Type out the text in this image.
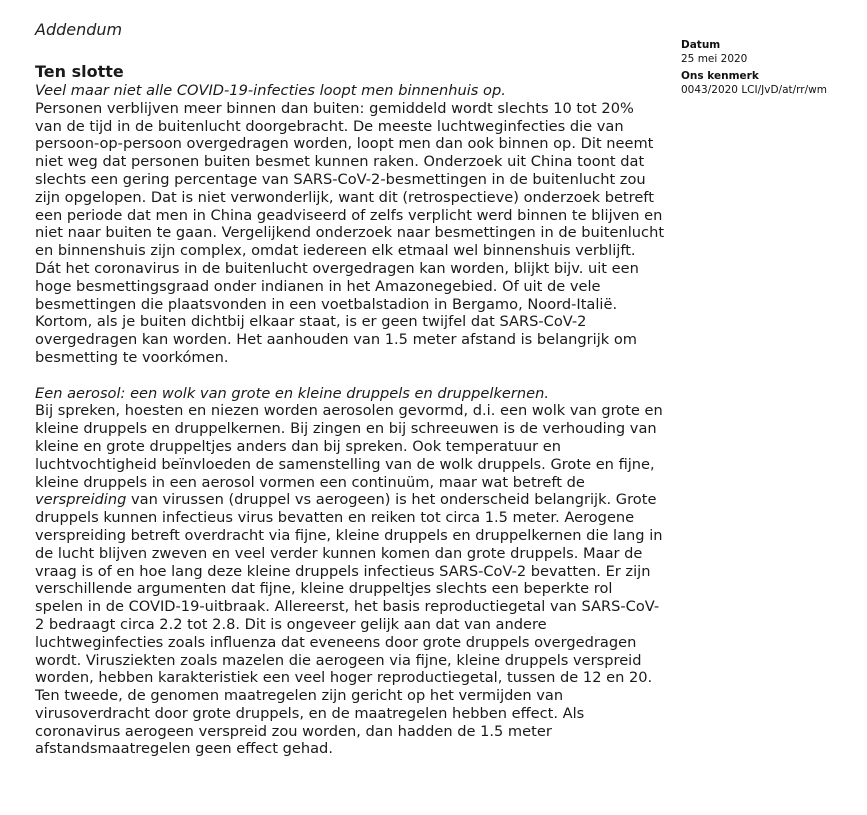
Addendum
Datum
25 mei 2020
Ons kenmerk
0043/2020 LCI/JvD/at/rr/wm
Ten slotte

Veel maar niet alle COVID-19-infecties loopt men binnenhuis op.

Personen verblijven meer binnen dan buiten: gemiddeld wordt slechts 10 tot 20% van de tijd in de buitenlucht doorgebracht. De meeste luchtweginfecties die van persoon-op-persoon overgedragen worden, loopt men dan ook binnen op. Dit neemt niet weg dat personen buiten besmet kunnen raken. Onderzoek uit China toont dat slechts een gering percentage van SARS-CoV-2-besmettingen in de buitenlucht zou zijn opgelopen. Dat is niet verwonderlijk, want dit (retrospectieve) onderzoek betreft een periode dat men in China geadviseerd of zelfs verplicht werd binnen te blijven en niet naar buiten te gaan. Vergelijkend onderzoek naar besmettingen in de buitenlucht en binnenshuis zijn complex, omdat iedereen elk etmaal wel binnenshuis verblijft. Dát het coronavirus in de buitenlucht overgedragen kan worden, blijkt bijv. uit een hoge besmettingsgraad onder indianen in het Amazonegebied. Of uit de vele besmettingen die plaatsvonden in een voetbalstadion in Bergamo, Noord-Italië. Kortom, als je buiten dichtbij elkaar staat, is er geen twijfel dat SARS-CoV-2 overgedragen kan worden. Het aanhouden van 1.5 meter afstand is belangrijk om besmetting te voorkómen.

Een aerosol: een wolk van grote en kleine druppels en druppelkernen.

Bij spreken, hoesten en niezen worden aerosolen gevormd, d.i. een wolk van grote en kleine druppels en druppelkernen. Bij zingen en bij schreeuwen is de verhouding van kleine en grote druppeltjes anders dan bij spreken. Ook temperatuur en luchtvochtigheid beïnvloeden de samenstelling van de wolk druppels. Grote en fijne, kleine druppels in een aerosol vormen een continuüm, maar wat betreft de verspreiding van virussen (druppel vs aerogeen) is het onderscheid belangrijk. Grote druppels kunnen infectieus virus bevatten en reiken tot circa 1.5 meter. Aerogene verspreiding betreft overdracht via fijne, kleine druppels en druppelkernen die lang in de lucht blijven zweven en veel verder kunnen komen dan grote druppels. Maar de vraag is of en hoe lang deze kleine druppels infectieus SARS-CoV-2 bevatten. Er zijn verschillende argumenten dat fijne, kleine druppeltjes slechts een beperkte rol spelen in de COVID-19-uitbraak. Allereerst, het basis reproductiegetal van SARS-CoV-2 bedraagt circa 2.2 tot 2.8. Dit is ongeveer gelijk aan dat van andere luchtweginfecties zoals influenza dat eveneens door grote druppels overgedragen wordt. Virusziekten zoals mazelen die aerogeen via fijne, kleine druppels verspreid worden, hebben karakteristiek een veel hoger reproductiegetal, tussen de 12 en 20. Ten tweede, de genomen maatregelen zijn gericht op het vermijden van virusoverdracht door grote druppels, en de maatregelen hebben effect. Als coronavirus aerogeen verspreid zou worden, dan hadden de 1.5 meter afstandsmaatregelen geen effect gehad.
